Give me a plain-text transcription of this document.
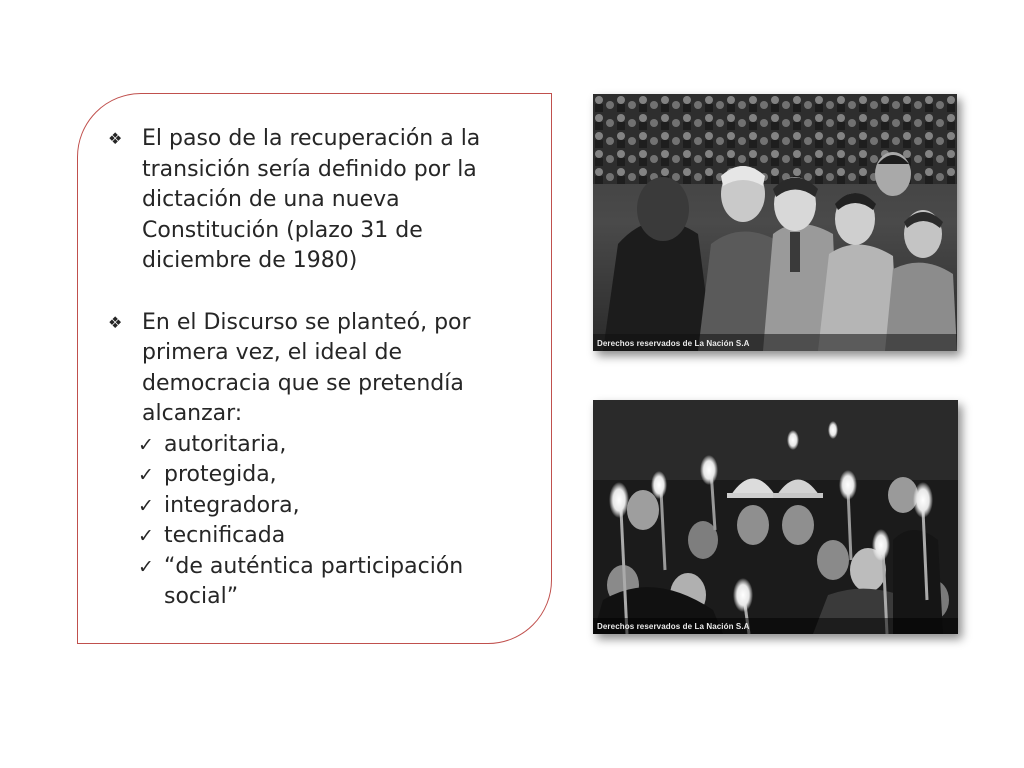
❖ El paso de la recuperación a la transición sería definido por la dictación de una nueva Constitución (plazo 31 de diciembre de 1980)
❖ En el Discurso se planteó, por primera vez, el ideal de democracia que se pretendía alcanzar:
✓ autoritaria,
✓ protegida,
✓ integradora,
✓ tecnificada
✓ “de auténtica participación social”
Derechos reservados de La Nación S.A
Derechos reservados de La Nación S.A
